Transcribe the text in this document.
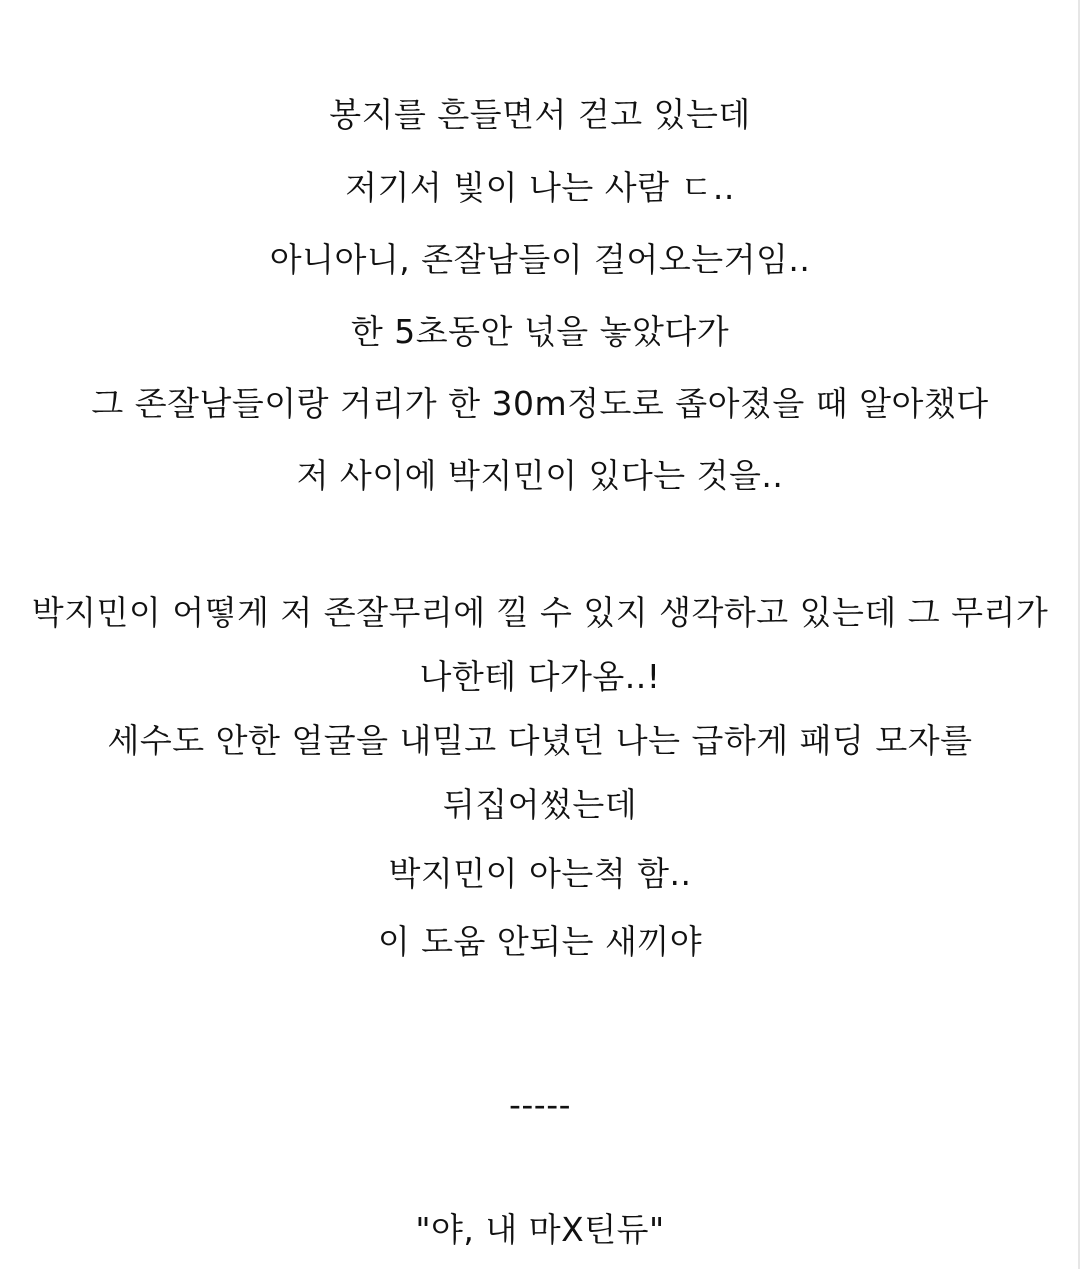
봉지를 흔들면서 걷고 있는데
저기서 빛이 나는 사람 ㄷ..
아니아니, 존잘남들이 걸어오는거임..
한 5초동안 넋을 놓았다가
그 존잘남들이랑 거리가 한 30m정도로 좁아졌을 때 알아챘다
저 사이에 박지민이 있다는 것을..
박지민이 어떻게 저 존잘무리에 낄 수 있지 생각하고 있는데 그 무리가
나한테 다가옴..!
세수도 안한 얼굴을 내밀고 다녔던 나는 급하게 패딩 모자를
뒤집어썼는데
박지민이 아는척 함..
이 도움 안되는 새끼야
-----
"야, 내 마X틴듀"
